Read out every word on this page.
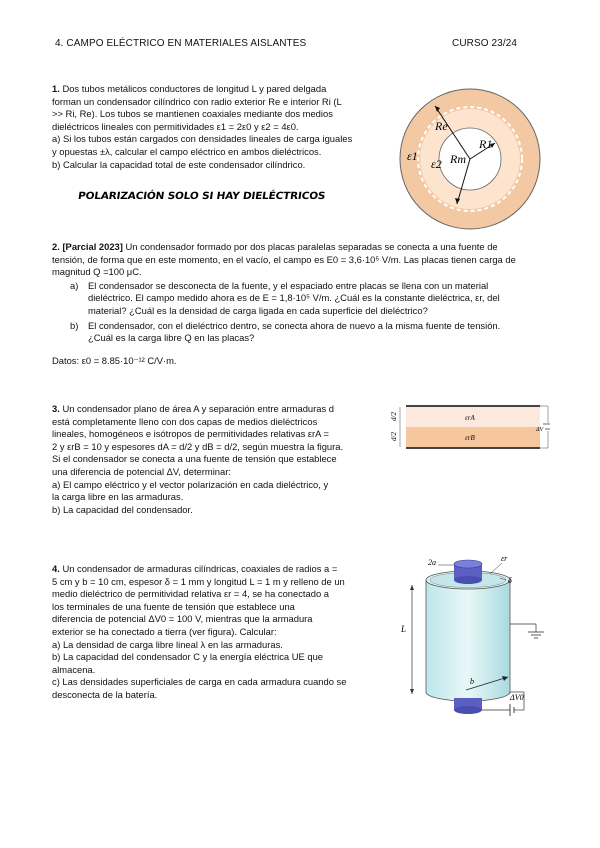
4. CAMPO ELÉCTRICO EN MATERIALES AISLANTES	CURSO 23/24

1. Dos tubos metálicos conductores de longitud L y pared delgada

forman un condensador cilíndrico con radio exterior Re e interior Ri (L

>> Ri, Re). Los tubos se mantienen coaxiales mediante dos medios

dieléctricos lineales con permitividades ε1 = 2ε0 y ε2 = 4ε0.

a) Si los tubos están cargados con densidades lineales de carga iguales

y opuestas ±λ, calcular el campo eléctrico en ambos dieléctricos.

b) Calcular la capacidad total de este condensador cilíndrico.

POLARIZACIÓN SOLO SI HAY DIELÉCTRICOS
Re
R1
Rm
ε1
ε2

2. [Parcial 2023] Un condensador formado por dos placas paralelas separadas se conecta a una fuente de

tensión, de forma que en este momento, en el vacío, el campo es E0 = 3,6·10⁵ V/m. Las placas tienen carga de

magnitud Q =100 μC.

a)	El condensador se desconecta de la fuente, y el espaciado entre placas se llena con un material

dieléctrico. El campo medido ahora es de E = 1,8·10⁵ V/m. ¿Cuál es la constante dieléctrica, εr, del

material? ¿Cuál es la densidad de carga ligada en cada superficie del dieléctrico?

b)	El condensador, con el dieléctrico dentro, se conecta ahora de nuevo a la misma fuente de tensión.

¿Cuál es la carga libre Q en las placas?

Datos: ε0 = 8.85·10⁻¹² C/V·m.

3. Un condensador plano de área A y separación entre armaduras d

está completamente lleno con dos capas de medios dieléctricos

lineales, homogéneos e isótropos de permitividades relativas εrA =

2 y εrB = 10 y espesores dA = d/2 y dB = d/2, según muestra la figura.

Si el condensador se conecta a una fuente de tensión que establece

una diferencia de potencial ΔV, determinar:

a) El campo eléctrico y el vector polarización en cada dieléctrico, y

la carga libre en las armaduras.

b) La capacidad del condensador.

d/2
d/2
εrA
εrB
ΔV

4. Un condensador de armaduras cilíndricas, coaxiales de radios a =

5 cm y b = 10 cm, espesor δ = 1 mm y longitud L = 1 m y relleno de un

medio dieléctrico de permitividad relativa εr = 4, se ha conectado a

los terminales de una fuente de tensión que establece una

diferencia de potencial ΔV0 = 100 V, mientras que la armadura

exterior se ha conectado a tierra (ver figura). Calcular:

a) La densidad de carga libre lineal λ en las armaduras.

b) La capacidad del condensador C y la energía eléctrica UE que

almacena.

c) Las densidades superficiales de carga en cada armadura cuando se

desconecta de la batería.

L
2a	εr
δ
b
ΔV0
